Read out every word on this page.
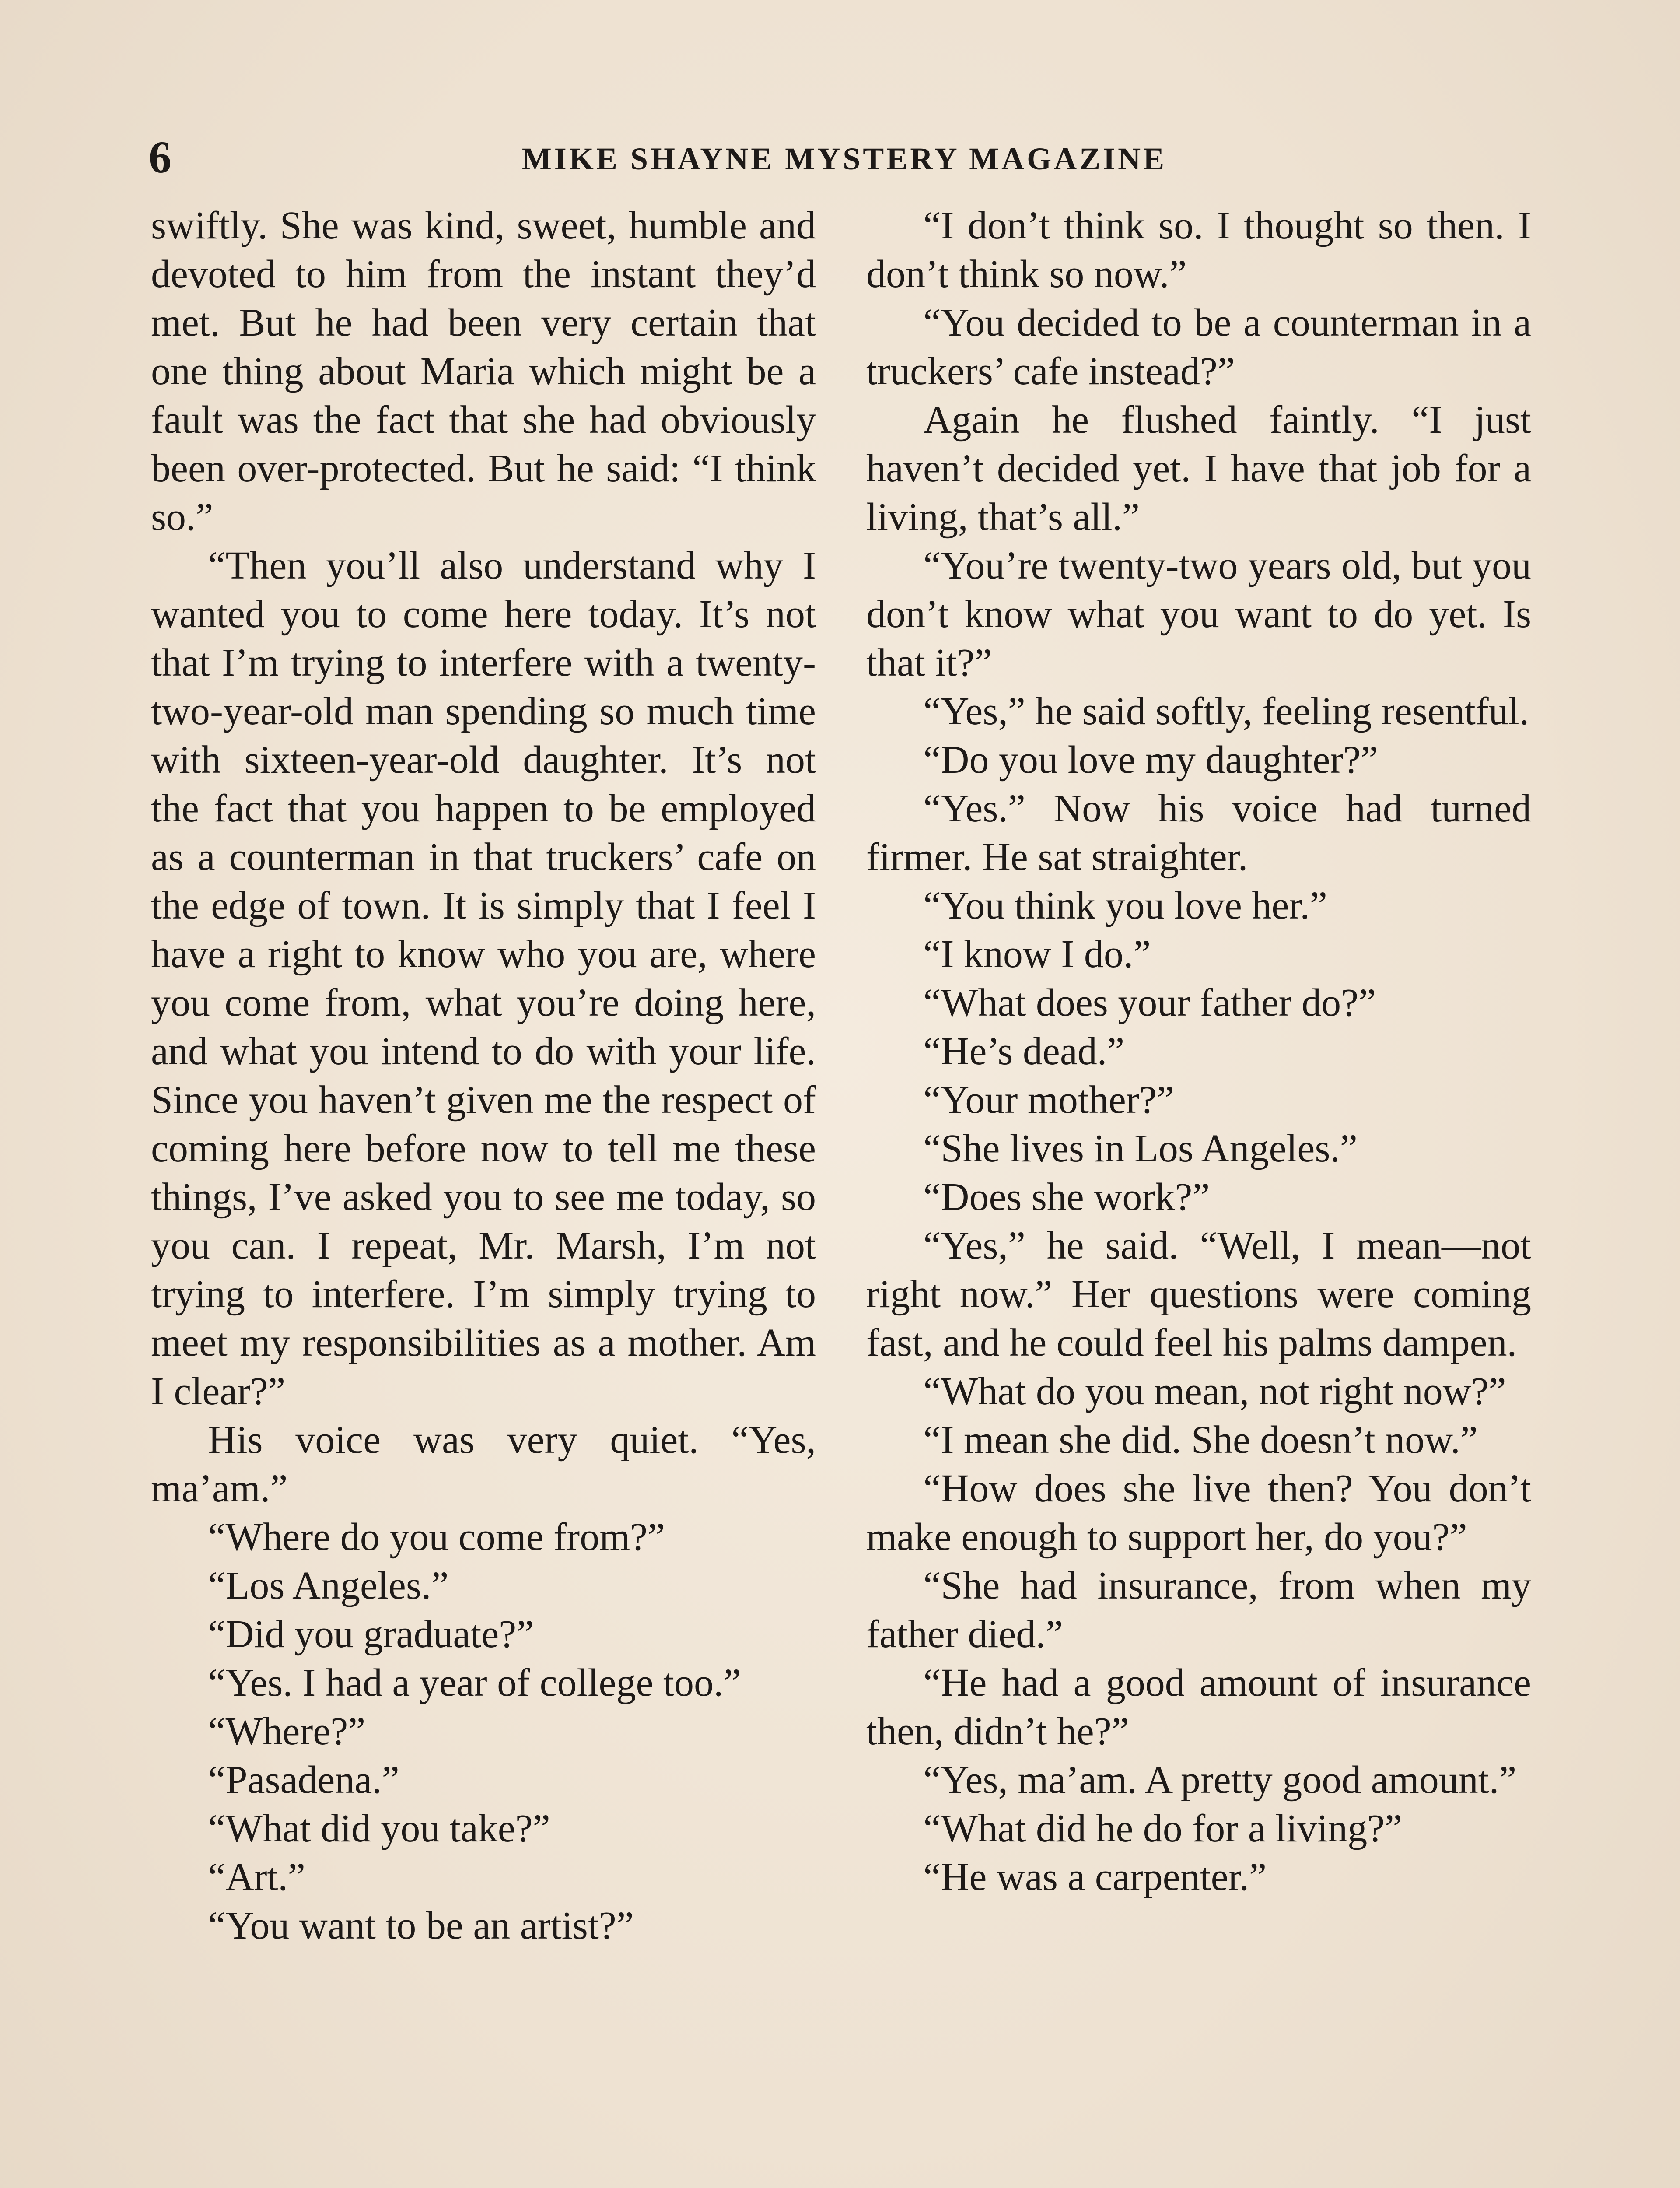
6	MIKE SHAYNE MYSTERY MAGAZINE

swiftly. She was kind, sweet, humble and devoted to him from the instant they’d met. But he had been very certain that one thing about Maria which might be a fault was the fact that she had obviously been over-protected. But he said: “I think so.”

“Then you’ll also understand why I wanted you to come here today. It’s not that I’m trying to interfere with a twenty-two-year-old man spending so much time with sixteen-year-old daughter. It’s not the fact that you happen to be employed as a counterman in that truckers’ cafe on the edge of town. It is simply that I feel I have a right to know who you are, where you come from, what you’re doing here, and what you intend to do with your life. Since you haven’t given me the respect of coming here before now to tell me these things, I’ve asked you to see me today, so you can. I repeat, Mr. Marsh, I’m not trying to interfere. I’m simply trying to meet my responsibilities as a mother. Am I clear?”

His voice was very quiet. “Yes, ma’am.”

“Where do you come from?”

“Los Angeles.”

“Did you graduate?”

“Yes. I had a year of college too.”

“Where?”

“Pasadena.”

“What did you take?”

“Art.”

“You want to be an artist?”

“I don’t think so. I thought so then. I don’t think so now.”

“You decided to be a counterman in a truckers’ cafe instead?”

Again he flushed faintly. “I just haven’t decided yet. I have that job for a living, that’s all.”

“You’re twenty-two years old, but you don’t know what you want to do yet. Is that it?”

“Yes,” he said softly, feeling resentful.

“Do you love my daughter?”

“Yes.” Now his voice had turned firmer. He sat straighter.

“You think you love her.”

“I know I do.”

“What does your father do?”

“He’s dead.”

“Your mother?”

“She lives in Los Angeles.”

“Does she work?”

“Yes,” he said. “Well, I mean—not right now.” Her questions were coming fast, and he could feel his palms dampen.

“What do you mean, not right now?”

“I mean she did. She doesn’t now.”

“How does she live then? You don’t make enough to support her, do you?”

“She had insurance, from when my father died.”

“He had a good amount of insurance then, didn’t he?”

“Yes, ma’am. A pretty good amount.”

“What did he do for a living?”

“He was a carpenter.”
